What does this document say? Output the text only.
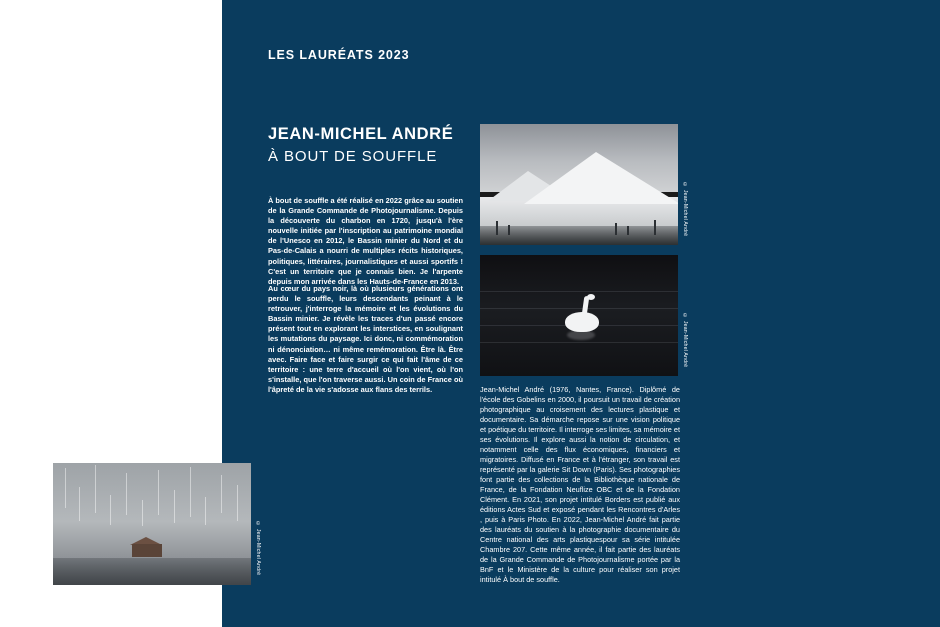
LES LAURÉATS 2023
JEAN-MICHEL ANDRÉ
À BOUT DE SOUFFLE
À bout de souffle a été réalisé en 2022 grâce au soutien de la Grande Commande de Photojournalisme. Depuis la découverte du charbon en 1720, jusqu'à l'ère nouvelle initiée par l'inscription au patrimoine mondial de l'Unesco en 2012, le Bassin minier du Nord et du Pas-de-Calais a nourri de multiples récits historiques, politiques, littéraires, journalistiques et aussi sportifs ! C'est un territoire que je connais bien. Je l'arpente depuis mon arrivée dans les Hauts-de-France en 2013.
Au cœur du pays noir, là où plusieurs générations ont perdu le souffle, leurs descendants peinant à le retrouver, j'interroge la mémoire et les évolutions du Bassin minier. Je révèle les traces d'un passé encore présent tout en explorant les interstices, en soulignant les mutations du paysage. Ici donc, ni commémoration ni dénonciation… ni même remémoration. Être là. Être avec. Faire face et faire surgir ce qui fait l'âme de ce territoire : une terre d'accueil où l'on vient, où l'on s'installe, que l'on traverse aussi. Un coin de France où l'âpreté de la vie s'adosse aux flans des terrils.
© Jean-Michel André
© Jean-Michel André
Jean-Michel André (1976, Nantes, France). Diplômé de l'école des Gobelins en 2000, il poursuit un travail de création photographique au croisement des lectures plastique et documentaire. Sa démarche repose sur une vision politique et poétique du territoire. Il interroge ses limites, sa mémoire et ses évolutions. Il explore aussi la notion de circulation, et notamment celle des flux économiques, financiers et migratoires. Diffusé en France et à l'étranger, son travail est représenté par la galerie Sit Down (Paris). Ses photographies font partie des collections de la Bibliothèque nationale de France, de la Fondation Neuflize OBC et de la Fondation Clément. En 2021, son projet intitulé Borders est publié aux éditions Actes Sud et exposé pendant les Rencontres d'Arles , puis à Paris Photo. En 2022, Jean-Michel André fait partie des lauréats du soutien à la photographie documentaire du Centre national des arts plastiquespour sa série intitulée Chambre 207. Cette même année, il fait partie des lauréats de la Grande Commande de Photojournalisme portée par la BnF et le Ministère de la culture pour réaliser son projet intitulé À bout de souffle.
© Jean-Michel André
